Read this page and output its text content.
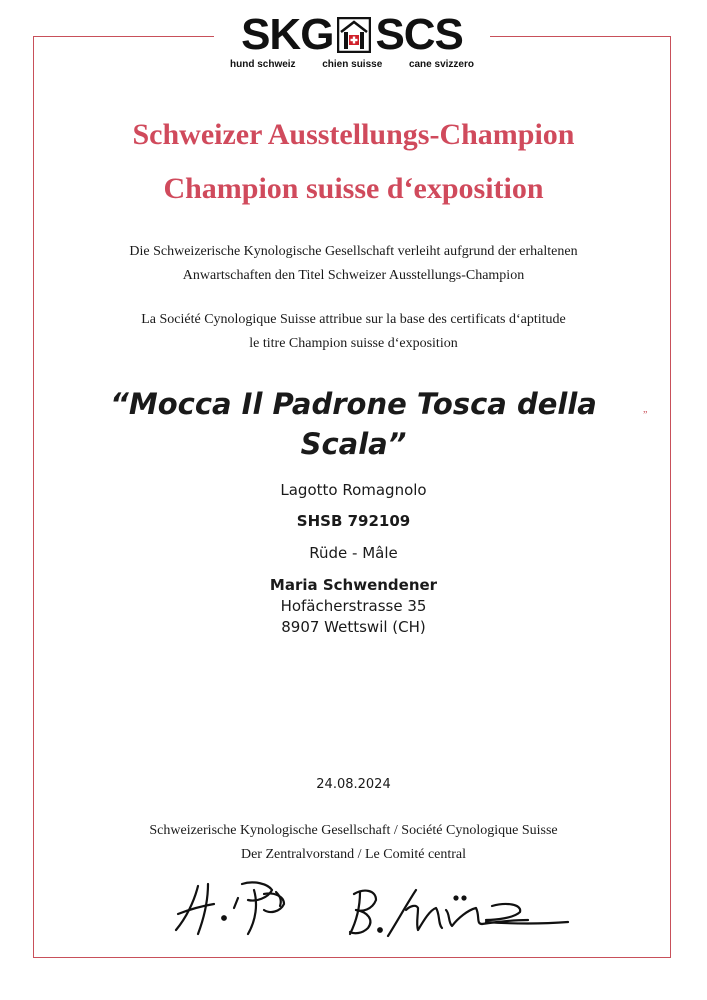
SKG SCS
hund schweiz	chien suisse	cane svizzero
Schweizer Ausstellungs-Champion
Champion suisse d‘exposition
Die Schweizerische Kynologische Gesellschaft verleiht aufgrund der erhaltenen
Anwartschaften den Titel Schweizer Ausstellungs-Champion
La Société Cynologique Suisse attribue sur la base des certificats d‘aptitude
le titre Champion suisse d‘exposition
“Mocca Il Padrone Tosca della
Scala”
„
Lagotto Romagnolo
SHSB 792109
Rüde - Mâle
Maria Schwendener
Hofächerstrasse 35
8907 Wettswil (CH)
24.08.2024
Schweizerische Kynologische Gesellschaft / Société Cynologique Suisse
Der Zentralvorstand / Le Comité central
